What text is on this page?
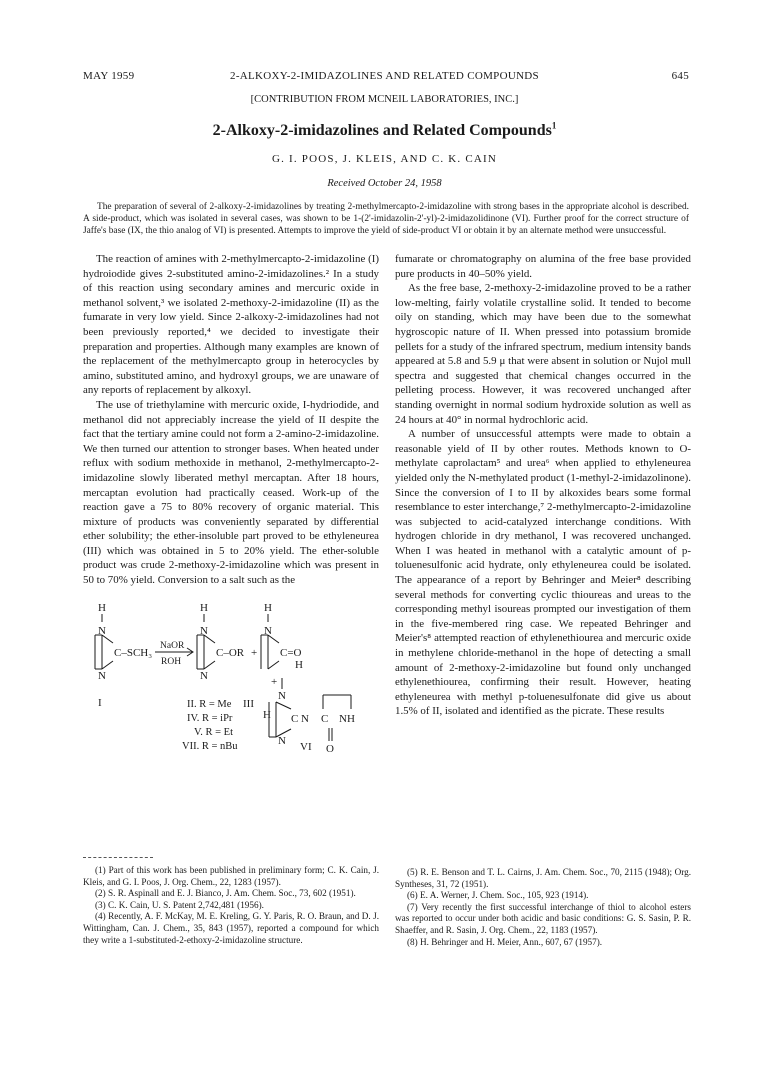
MAY 1959	2-ALKOXY-2-IMIDAZOLINES AND RELATED COMPOUNDS	645
[CONTRIBUTION FROM MCNEIL LABORATORIES, INC.]
2-Alkoxy-2-imidazolines and Related Compounds$^1$
G. I. POOS, J. KLEIS, AND C. K. CAIN
Received October 24, 1958
The preparation of several of 2-alkoxy-2-imidazolines by treating 2-methylmercapto-2-imidazoline with strong bases in the appropriate alcohol is described. A side-product, which was isolated in several cases, was shown to be 1-(2'-imidazolin-2'-yl)-2-imidazolidinone (VI). Further proof for the correct structure of Jaffe's base (IX, the thio analog of VI) is presented. Attempts to improve the yield of side-product VI or obtain it by an alternate method were unsuccessful.

The reaction of amines with 2-methylmercapto-2-imidazoline (I) hydroiodide gives 2-substituted amino-2-imidazolines.² In a study of this reaction using secondary amines and mercuric oxide in methanol solvent,³ we isolated 2-methoxy-2-imidazoline (II) as the fumarate in very low yield. Since 2-alkoxy-2-imidazolines had not been previously reported,⁴ we decided to investigate their preparation and properties. Although many examples are known of the replacement of the methylmercapto group in heterocycles by amino, substituted amino, and hydroxyl groups, we are unaware of any reports of replacement by alkoxyl.

The use of triethylamine with mercuric oxide, I-hydriodide, and methanol did not appreciably increase the yield of II despite the fact that the tertiary amine could not form a 2-amino-2-imidazoline. We then turned our attention to stronger bases. When heated under reflux with sodium methoxide in methanol, 2-methylmercapto-2-imidazoline slowly liberated methyl mercaptan. After 18 hours, mercaptan evolution had practically ceased. Work-up of the reaction gave a 75 to 80% recovery of organic material. This mixture of products was conveniently separated by differential ether solubility; the ether-insoluble part proved to be ethyleneurea (III) which was obtained in 5 to 20% yield. The ether-soluble product was crude 2-methoxy-2-imidazoline which was present in 50 to 70% yield. Conversion to a salt such as the

H
N
N
C–SCH₃
I
NaOR
ROH
H
N
N
C–OR +
H
N
C=O
H
+
II. R = Me
IV. R = iPr
V. R = Et
VII. R = nBu
III
H
N
C N C NH
N
O
VI

fumarate or chromatography on alumina of the free base provided pure products in 40–50% yield.

As the free base, 2-methoxy-2-imidazoline proved to be a rather low-melting, fairly volatile crystalline solid. It tended to become oily on standing, which may have been due to the somewhat hygroscopic nature of II. When pressed into potassium bromide pellets for a study of the infrared spectrum, medium intensity bands appeared at 5.8 and 5.9 μ that were absent in solution or Nujol mull spectra and suggested that chemical changes occurred in the pelleting process. However, it was recovered unchanged after standing overnight in normal sodium hydroxide solution as well as 24 hours at 40° in normal hydrochloric acid.

A number of unsuccessful attempts were made to obtain a reasonable yield of II by other routes. Methods known to O-methylate caprolactam⁵ and urea⁶ when applied to ethyleneurea yielded only the N-methylated product (1-methyl-2-imidazolinone). Since the conversion of I to II by alkoxides bears some formal resemblance to ester interchange,⁷ 2-methylmercapto-2-imidazoline was subjected to acid-catalyzed interchange conditions. With hydrogen chloride in dry methanol, I was recovered unchanged. When I was heated in methanol with a catalytic amount of p-toluenesulfonic acid hydrate, only ethyleneurea could be isolated. The appearance of a report by Behringer and Meier⁸ describing several methods for converting cyclic thioureas and ureas to the corresponding methyl isoureas prompted our investigation of them in the five-membered ring case. We repeated Behringer and Meier's⁸ attempted reaction of ethylenethiourea and mercuric oxide in methylene chloride-methanol in the hope of detecting a small amount of 2-methoxy-2-imidazoline but found only unchanged ethylenethiourea, confirming their result. However, heating ethyleneurea with methyl p-toluenesulfonate did give us about 1.5% of II, isolated and identified as the picrate. These results

(1) Part of this work has been published in preliminary form; C. K. Cain, J. Kleis, and G. I. Poos, J. Org. Chem., 22, 1283 (1957).

(2) S. R. Aspinall and E. J. Bianco, J. Am. Chem. Soc., 73, 602 (1951).

(3) C. K. Cain, U. S. Patent 2,742,481 (1956).

(4) Recently, A. F. McKay, M. E. Kreling, G. Y. Paris, R. O. Braun, and D. J. Wittingham, Can. J. Chem., 35, 843 (1957), reported a compound for which they write a 1-substituted-2-ethoxy-2-imidazoline structure.

(5) R. E. Benson and T. L. Cairns, J. Am. Chem. Soc., 70, 2115 (1948); Org. Syntheses, 31, 72 (1951).

(6) E. A. Werner, J. Chem. Soc., 105, 923 (1914).

(7) Very recently the first successful interchange of thiol to alcohol esters was reported to occur under both acidic and basic conditions: G. S. Sasin, P. R. Shaeffer, and R. Sasin, J. Org. Chem., 22, 1183 (1957).

(8) H. Behringer and H. Meier, Ann., 607, 67 (1957).
